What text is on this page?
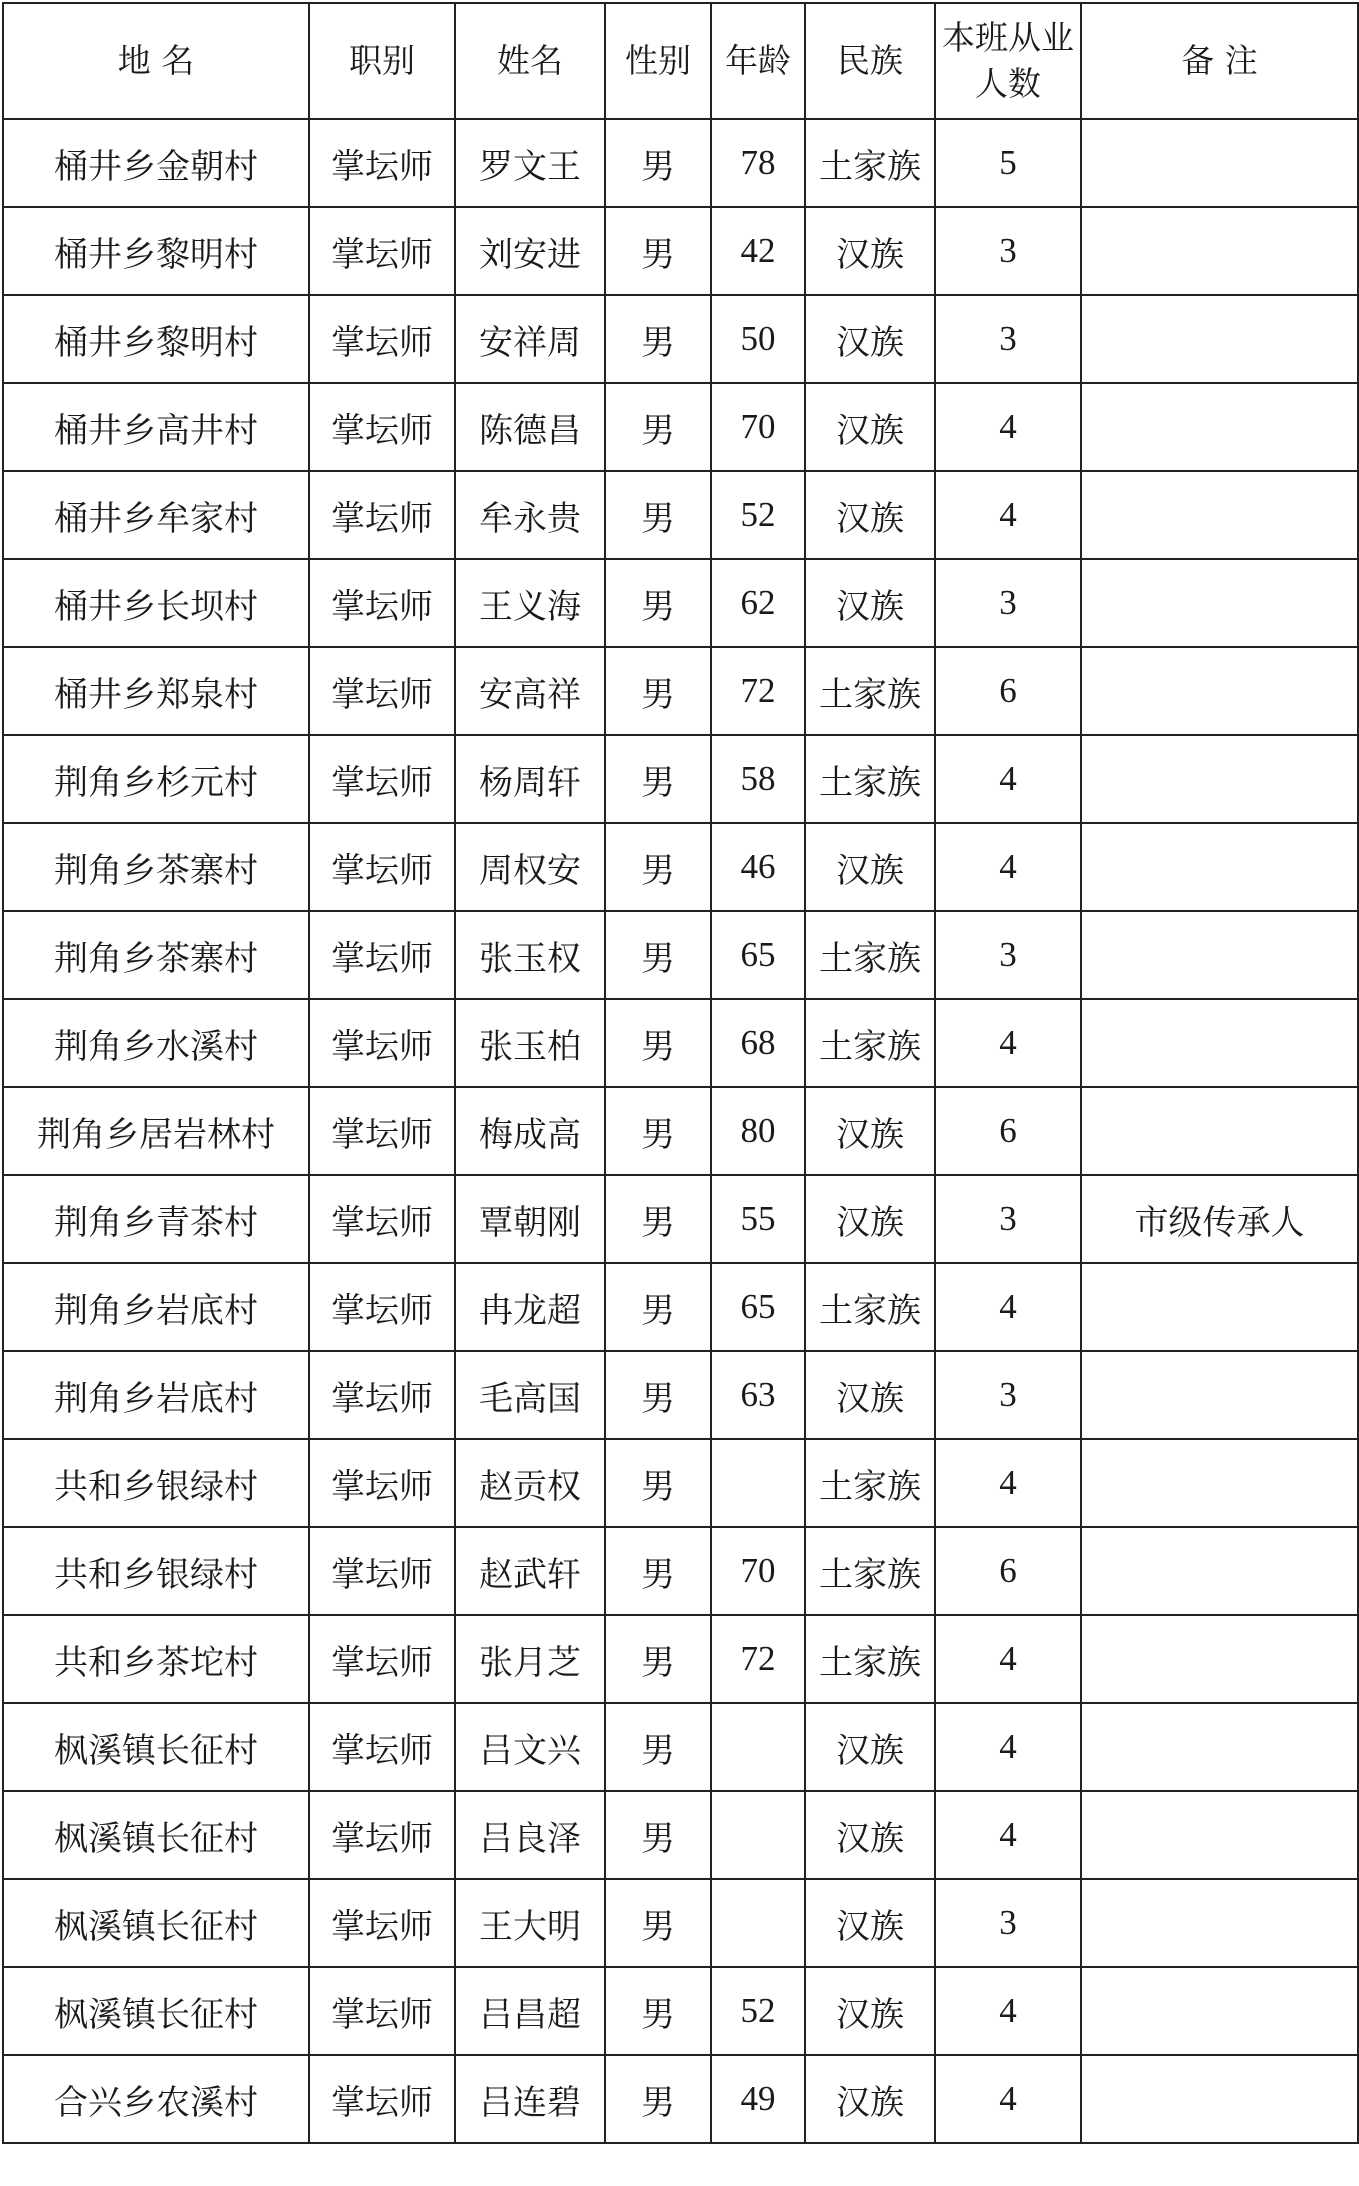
地 名	职别	姓名	性别	年龄	民族	本班从业人数	备 注
桶井乡金朝村	掌坛师	罗文王	男	78	土家族	5	
桶井乡黎明村	掌坛师	刘安进	男	42	汉族	3	
桶井乡黎明村	掌坛师	安祥周	男	50	汉族	3	
桶井乡高井村	掌坛师	陈德昌	男	70	汉族	4	
桶井乡牟家村	掌坛师	牟永贵	男	52	汉族	4	
桶井乡长坝村	掌坛师	王义海	男	62	汉族	3	
桶井乡郑泉村	掌坛师	安高祥	男	72	土家族	6	
荆角乡杉元村	掌坛师	杨周轩	男	58	土家族	4	
荆角乡茶寨村	掌坛师	周权安	男	46	汉族	4	
荆角乡茶寨村	掌坛师	张玉权	男	65	土家族	3	
荆角乡水溪村	掌坛师	张玉柏	男	68	土家族	4	
荆角乡居岩林村	掌坛师	梅成高	男	80	汉族	6	
荆角乡青茶村	掌坛师	覃朝刚	男	55	汉族	3	市级传承人
荆角乡岩底村	掌坛师	冉龙超	男	65	土家族	4	
荆角乡岩底村	掌坛师	毛高国	男	63	汉族	3	
共和乡银绿村	掌坛师	赵贡权	男		土家族	4	
共和乡银绿村	掌坛师	赵武轩	男	70	土家族	6	
共和乡茶坨村	掌坛师	张月芝	男	72	土家族	4	
枫溪镇长征村	掌坛师	吕文兴	男		汉族	4	
枫溪镇长征村	掌坛师	吕良泽	男		汉族	4	
枫溪镇长征村	掌坛师	王大明	男		汉族	3	
枫溪镇长征村	掌坛师	吕昌超	男	52	汉族	4	
合兴乡农溪村	掌坛师	吕连碧	男	49	汉族	4	
